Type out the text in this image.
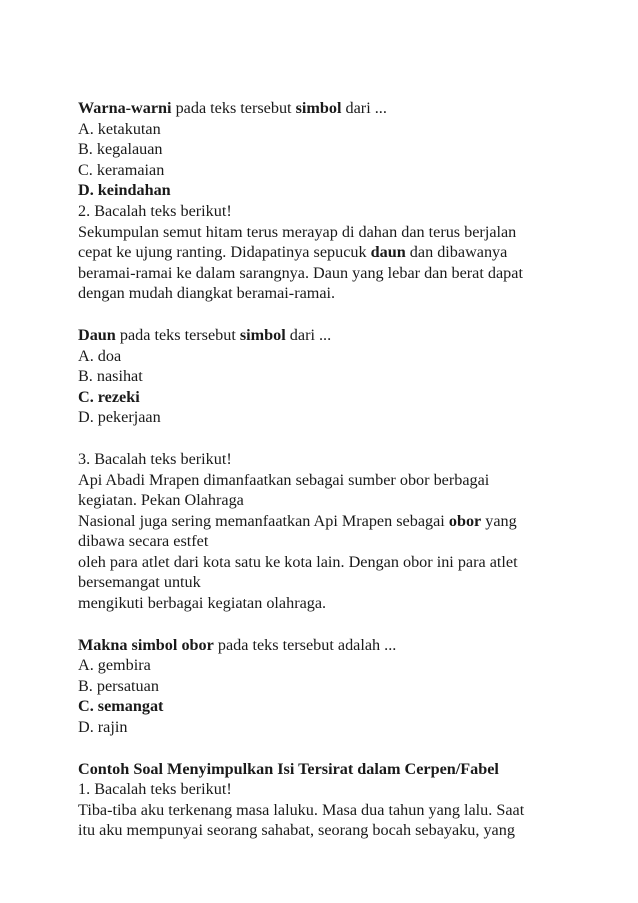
Warna-warni pada teks tersebut simbol dari ...
A. ketakutan
B. kegalauan
C. keramaian
D. keindahan
2. Bacalah teks berikut!
Sekumpulan semut hitam terus merayap di dahan dan terus berjalan
cepat ke ujung ranting. Didapatinya sepucuk daun dan dibawanya
beramai-ramai ke dalam sarangnya. Daun yang lebar dan berat dapat
dengan mudah diangkat beramai-ramai.
Daun pada teks tersebut simbol dari ...
A. doa
B. nasihat
C. rezeki
D. pekerjaan
3. Bacalah teks berikut!
Api Abadi Mrapen dimanfaatkan sebagai sumber obor berbagai
kegiatan. Pekan Olahraga
Nasional juga sering memanfaatkan Api Mrapen sebagai obor yang
dibawa secara estfet
oleh para atlet dari kota satu ke kota lain. Dengan obor ini para atlet
bersemangat untuk
mengikuti berbagai kegiatan olahraga.
Makna simbol obor pada teks tersebut adalah ...
A. gembira
B. persatuan
C. semangat
D. rajin
Contoh Soal Menyimpulkan Isi Tersirat dalam Cerpen/Fabel
1. Bacalah teks berikut!
Tiba-tiba aku terkenang masa laluku. Masa dua tahun yang lalu. Saat
itu aku mempunyai seorang sahabat, seorang bocah sebayaku, yang
